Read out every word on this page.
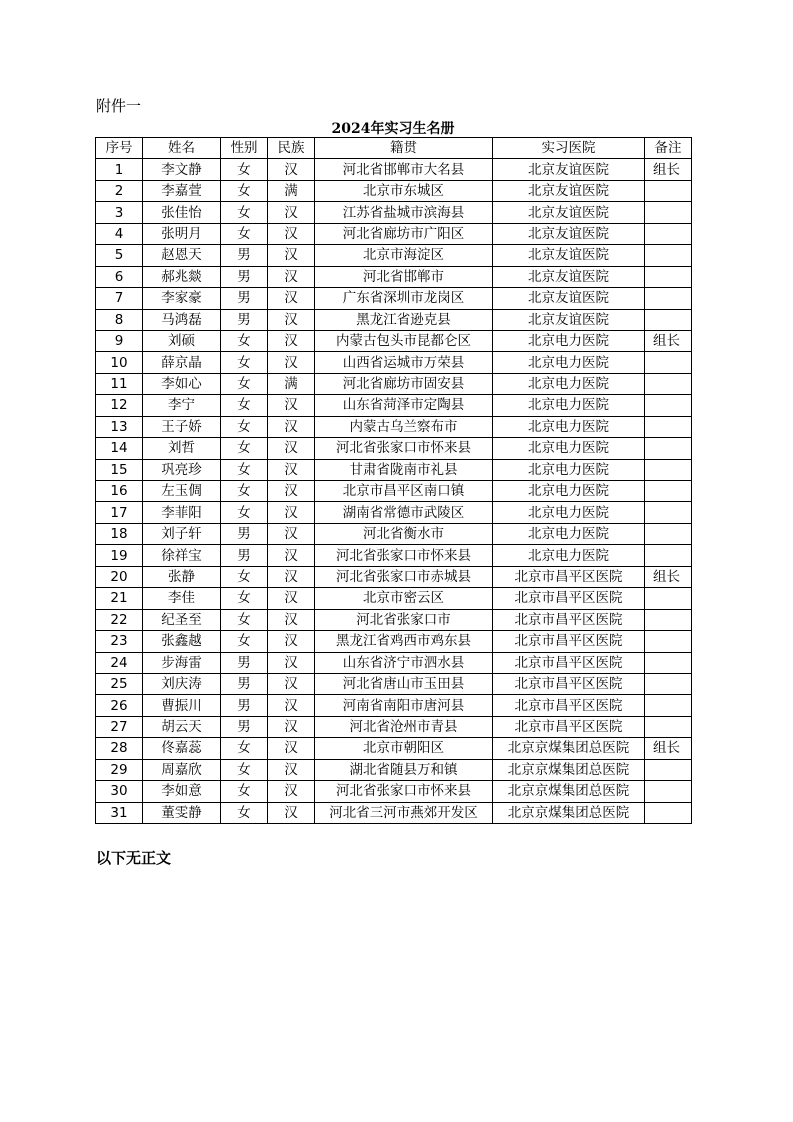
附件一
2024年实习生名册
序号	姓名	性别	民族	籍贯	实习医院	备注
1	李文静	女	汉	河北省邯郸市大名县	北京友谊医院	组长
2	李嘉萱	女	满	北京市东城区	北京友谊医院	
3	张佳怡	女	汉	江苏省盐城市滨海县	北京友谊医院	
4	张明月	女	汉	河北省廊坊市广阳区	北京友谊医院	
5	赵恩天	男	汉	北京市海淀区	北京友谊医院	
6	郝兆燚	男	汉	河北省邯郸市	北京友谊医院	
7	李家豪	男	汉	广东省深圳市龙岗区	北京友谊医院	
8	马鸿磊	男	汉	黑龙江省逊克县	北京友谊医院	
9	刘硕	女	汉	内蒙古包头市昆都仑区	北京电力医院	组长
10	薛京晶	女	汉	山西省运城市万荣县	北京电力医院	
11	李如心	女	满	河北省廊坊市固安县	北京电力医院	
12	李宁	女	汉	山东省菏泽市定陶县	北京电力医院	
13	王子娇	女	汉	内蒙古乌兰察布市	北京电力医院	
14	刘哲	女	汉	河北省张家口市怀来县	北京电力医院	
15	巩亮珍	女	汉	甘肃省陇南市礼县	北京电力医院	
16	左玉倜	女	汉	北京市昌平区南口镇	北京电力医院	
17	李菲阳	女	汉	湖南省常德市武陵区	北京电力医院	
18	刘子轩	男	汉	河北省衡水市	北京电力医院	
19	徐祥宝	男	汉	河北省张家口市怀来县	北京电力医院	
20	张静	女	汉	河北省张家口市赤城县	北京市昌平区医院	组长
21	李佳	女	汉	北京市密云区	北京市昌平区医院	
22	纪圣至	女	汉	河北省张家口市	北京市昌平区医院	
23	张鑫越	女	汉	黑龙江省鸡西市鸡东县	北京市昌平区医院	
24	步海雷	男	汉	山东省济宁市泗水县	北京市昌平区医院	
25	刘庆涛	男	汉	河北省唐山市玉田县	北京市昌平区医院	
26	曹振川	男	汉	河南省南阳市唐河县	北京市昌平区医院	
27	胡云天	男	汉	河北省沧州市青县	北京市昌平区医院	
28	佟嘉蕊	女	汉	北京市朝阳区	北京京煤集团总医院	组长
29	周嘉欣	女	汉	湖北省随县万和镇	北京京煤集团总医院	
30	李如意	女	汉	河北省张家口市怀来县	北京京煤集团总医院	
31	董雯静	女	汉	河北省三河市燕郊开发区	北京京煤集团总医院	
以下无正文
